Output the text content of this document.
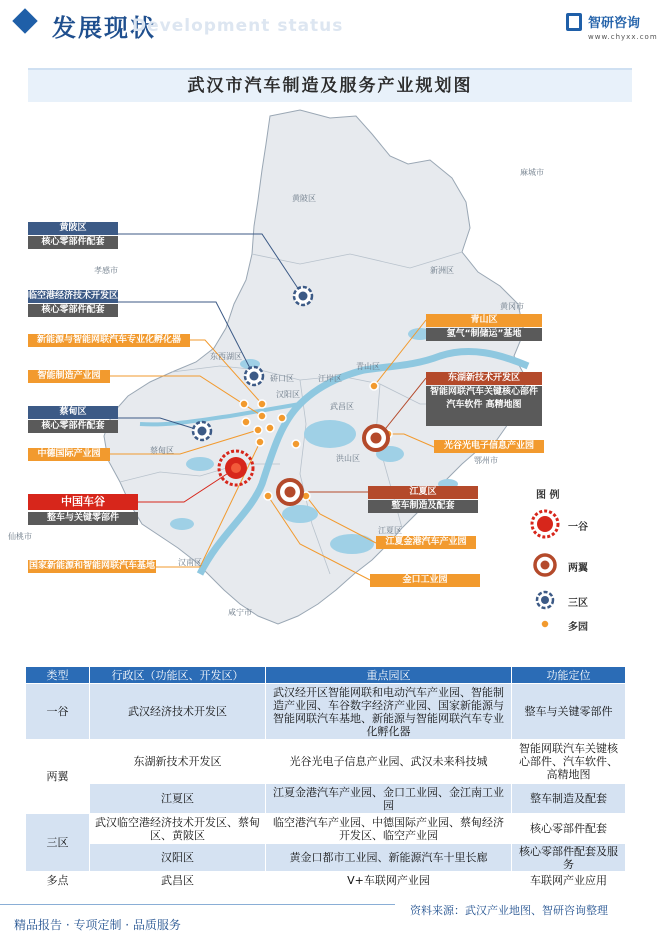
发展现状
Development status	智研咨询
www.chyxx.com
武汉市汽车制造及服务产业规划图
黄陂区
孝感市	新洲区
汉阳区
武昌区
青山区
鄂州市
蔡甸区
咸宁市
仙桃市
麻城市
黄冈市
江夏区
东西湖区
汉南区
洪山区
硚口区	江岸区
黄陂区
核心零部件配套
临空港经济技术开发区
核心零部件配套
新能源与智能网联汽车专业化孵化器
智能制造产业园
蔡甸区
核心零部件配套
中德国际产业园
中国车谷
整车与关键零部件
国家新能源和智能网联汽车基地
青山区
氢气“制储运”基地
东湖新技术开发区
智能网联汽车关键核心部件 汽车软件 高精地图
光谷光电子信息产业园
江夏区
整车制造及配套
江夏金港汽车产业园
金口工业园
图 例
一谷
两翼
三区
多园
类型	行政区（功能区、开发区）	重点园区	功能定位
一谷	武汉经济技术开发区	武汉经开区智能网联和电动汽车产业园、智能制造产业园、车谷数字经济产业园、国家新能源与智能网联汽车基地、新能源与智能网联汽车专业化孵化器	整车与关键零部件
两翼	东湖新技术开发区	光谷光电子信息产业园、武汉未来科技城	智能网联汽车关键核心部件、汽车软件、高精地图
	江夏区	江夏金港汽车产业园、金口工业园、金江南工业园	整车制造及配套
三区	武汉临空港经济技术开发区、蔡甸区、黄陂区	临空港汽车产业园、中德国际产业园、蔡甸经济开发区、临空产业园	核心零部件配套
	汉阳区	黄金口都市工业园、新能源汽车十里长廊	核心零部件配套及服务
多点	武昌区	V+车联网产业园	车联网产业应用
资料来源：武汉产业地图、智研咨询整理
精品报告 · 专项定制 · 品质服务
